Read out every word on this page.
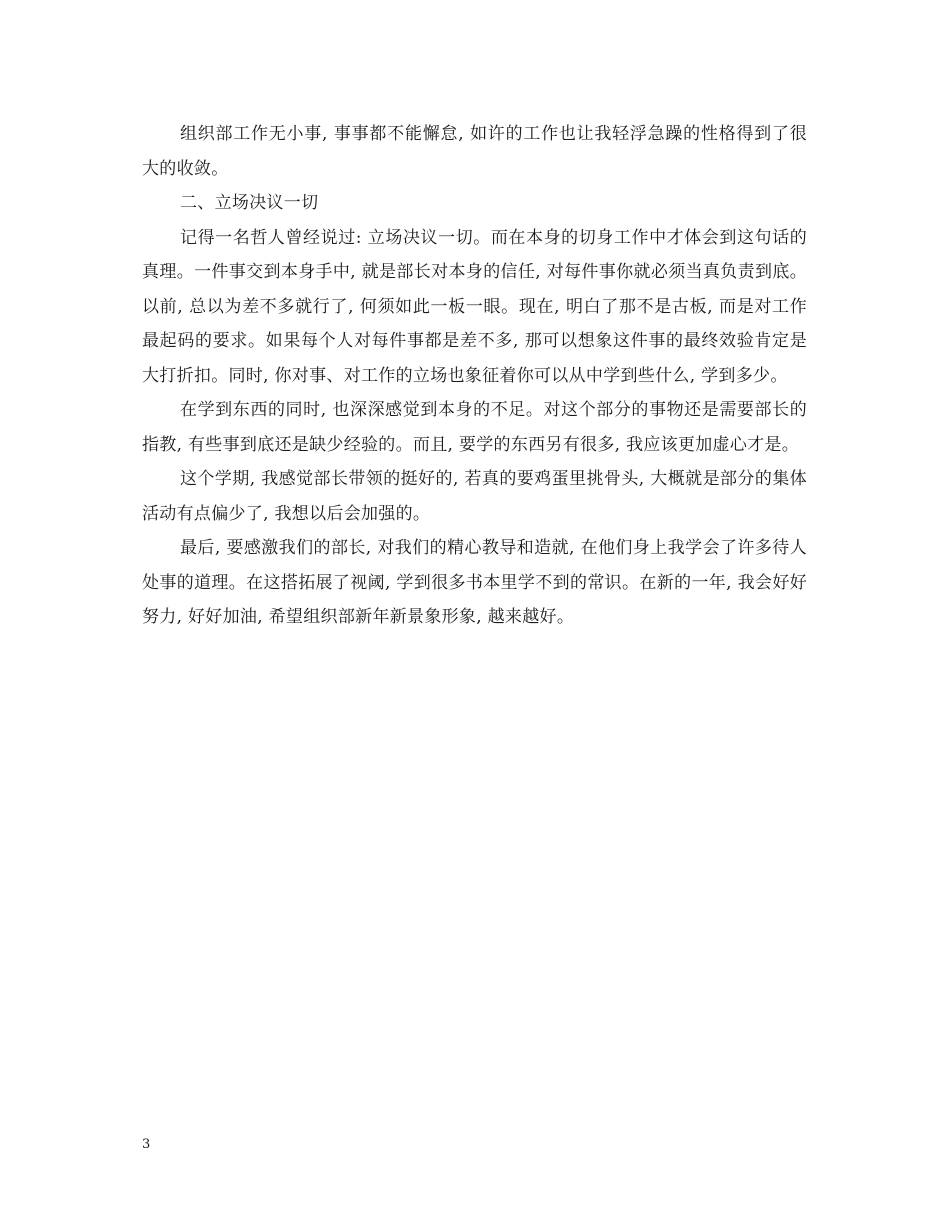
组织部工作无小事, 事事都不能懈怠, 如许的工作也让我轻浮急躁的性格得到了很大的收敛。

二、立场决议一切

记得一名哲人曾经说过: 立场决议一切。而在本身的切身工作中才体会到这句话的真理。一件事交到本身手中, 就是部长对本身的信任, 对每件事你就必须当真负责到底。以前, 总以为差不多就行了, 何须如此一板一眼。现在, 明白了那不是古板, 而是对工作最起码的要求。如果每个人对每件事都是差不多, 那可以想象这件事的最终效验肯定是大打折扣。同时, 你对事、对工作的立场也象征着你可以从中学到些什么, 学到多少。

在学到东西的同时, 也深深感觉到本身的不足。对这个部分的事物还是需要部长的指教, 有些事到底还是缺少经验的。而且, 要学的东西另有很多, 我应该更加虚心才是。

这个学期, 我感觉部长带领的挺好的, 若真的要鸡蛋里挑骨头, 大概就是部分的集体活动有点偏少了, 我想以后会加强的。

最后, 要感激我们的部长, 对我们的精心教导和造就, 在他们身上我学会了许多待人处事的道理。在这搭拓展了视阈, 学到很多书本里学不到的常识。在新的一年, 我会好好努力, 好好加油, 希望组织部新年新景象形象, 越来越好。

3
